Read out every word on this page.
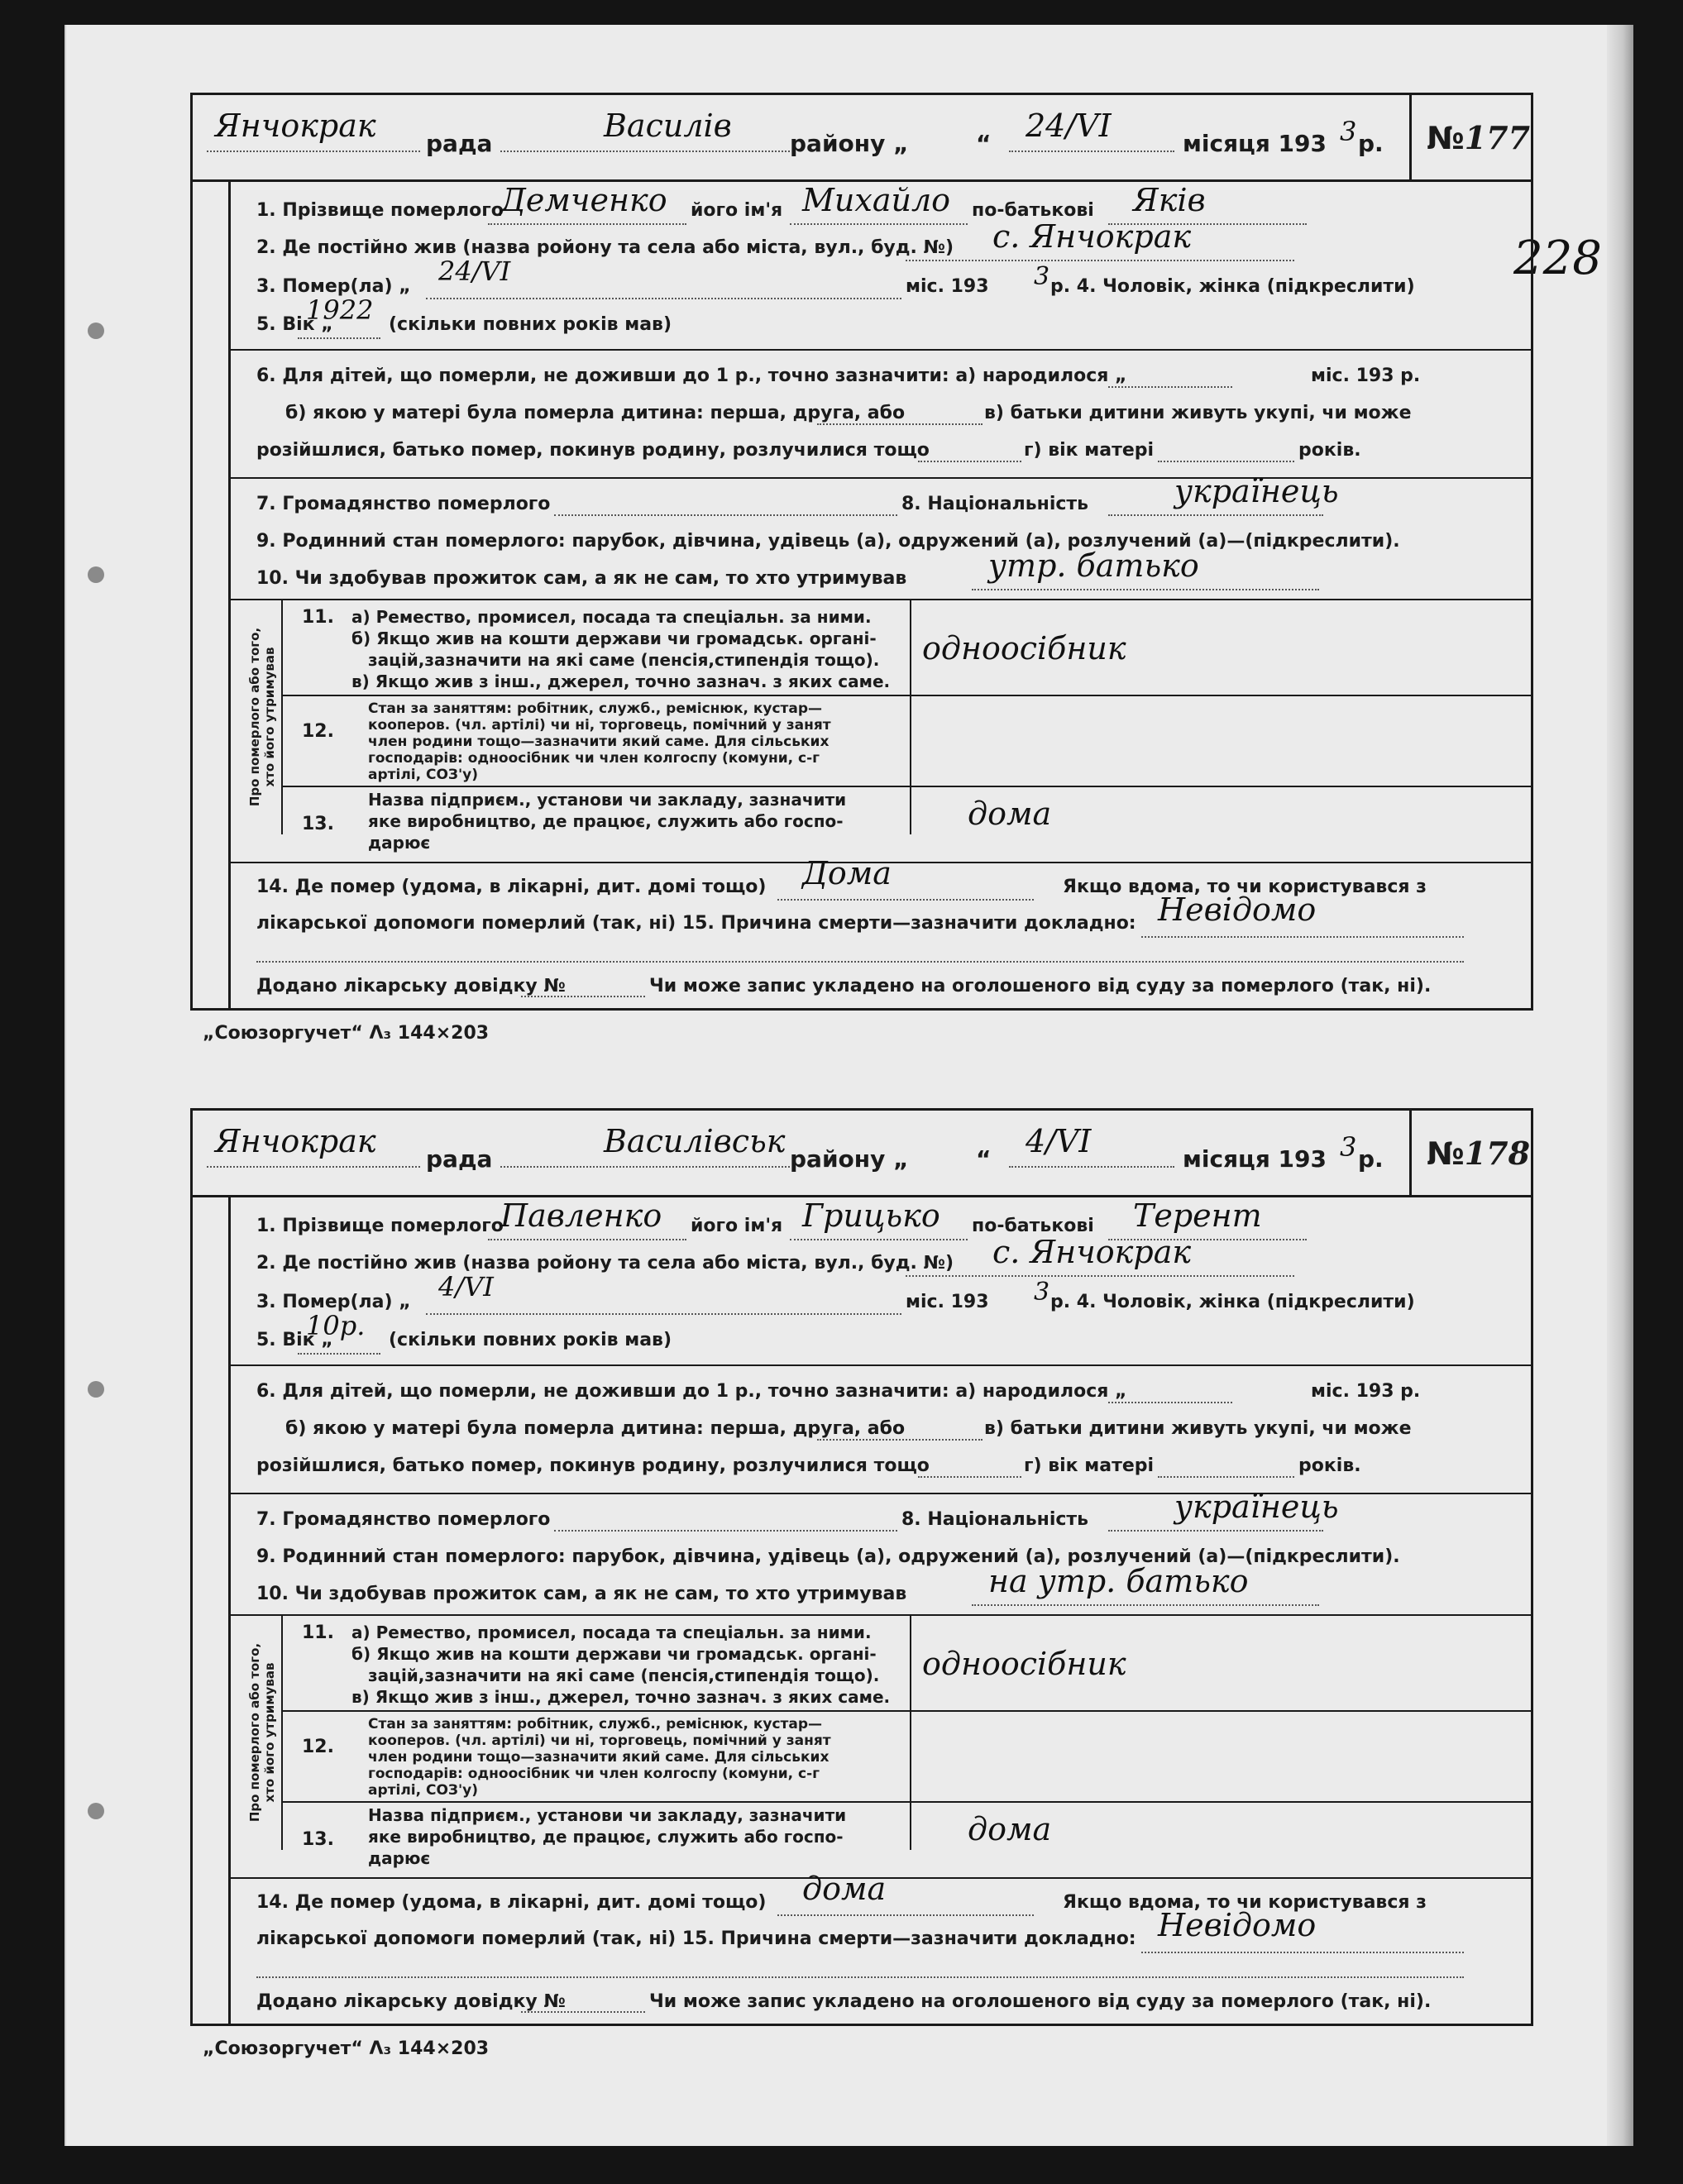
228
Янчокрак рада	Василів	району „	“ 24/VI	місяця 193 3 р.	№177
1. Прізвище померлого
Демченко його ім'я Михайло по-батькові Яків
2. Де постійно жив (назва ройону та села або міста, вул., буд. №) с. Янчокрак
3. Помер(ла) „ 24/VI	міс. 193 3 р. 4. Чоловік, жінка (підкреслити)
5. Вік „
1922 (скільки повних років мав)
6. Для дітей, що померли, не доживши до 1 р., точно зазначити: а) народилося „	міс. 193 р.
б) якою у матері була померла дитина: перша, друга, або	в) батьки дитини живуть укупі, чи може
розійшлися, батько помер, покинув родину, розлучилися тощо	г) вік матері	років.
7. Громадянство померлого	8. Національність	українець
9. Родинний стан померлого: парубок, дівчина, удівець (а), одружений (а), розлучений (а)—(підкреслити).
10. Чи здобував прожиток сам, а як не сам, то хто утримував	утр. батько
Про померлого або того, хто його утримував
11. а) Ремество, промисел, посада та спеціальн. за ними.
б) Якщо жив на кошти держави чи громадськ. органі-
зацій,зазначити на які саме (пенсія,стипендія тощо).
в) Якщо жив з інш., джерел, точно зазнач. з яких саме.
одноосібник
12.
Стан за заняттям: робітник, служб., реміснюк, кустар—
кооперов. (чл. артілі) чи ні, торговець, помічний у занят
член родини тощо—зазначити який саме. Для сільських
господарів: одноосібник чи член колгоспу (комуни, с-г
артілі, СОЗ'у)
13.
Назва підприєм., установи чи закладу, зазначити
яке виробництво, де працює, служить або госпо-
дарює
дома
14. Де помер (удома, в лікарні, дит. домі тощо) Дома	Якщо вдома, то чи користувався з
лікарської допомоги померлий (так, ні) 15. Причина смерти—зазначити докладно: Невідомо
Додано лікарську довідку №	Чи може запис укладено на оголошеного від суду за померлого (так, ні).
„Союзоргучет“ Λ₃ 144×203
Янчокрак рада	Василівськ району „	“ 4/VI	місяця 193 3 р.	№178
1. Прізвище померлого
Павленко його ім'я Грицько по-батькові Терент
2. Де постійно жив (назва ройону та села або міста, вул., буд. №) с. Янчокрак
3. Помер(ла) „ 4/VI	міс. 193 3 р. 4. Чоловік, жінка (підкреслити)
5. Вік „
10р. (скільки повних років мав)
6. Для дітей, що померли, не доживши до 1 р., точно зазначити: а) народилося „	міс. 193 р.
б) якою у матері була померла дитина: перша, друга, або	в) батьки дитини живуть укупі, чи може
розійшлися, батько помер, покинув родину, розлучилися тощо	г) вік матері	років.
7. Громадянство померлого	8. Національність	українець
9. Родинний стан померлого: парубок, дівчина, удівець (а), одружений (а), розлучений (а)—(підкреслити).
10. Чи здобував прожиток сам, а як не сам, то хто утримував	на утр. батько
Про померлого або того, хто його утримував
11. а) Ремество, промисел, посада та спеціальн. за ними.
б) Якщо жив на кошти держави чи громадськ. органі-
зацій,зазначити на які саме (пенсія,стипендія тощо).
в) Якщо жив з інш., джерел, точно зазнач. з яких саме.
одноосібник
12.
Стан за заняттям: робітник, служб., реміснюк, кустар—
кооперов. (чл. артілі) чи ні, торговець, помічний у занят
член родини тощо—зазначити який саме. Для сільських
господарів: одноосібник чи член колгоспу (комуни, с-г
артілі, СОЗ'у)
13.
Назва підприєм., установи чи закладу, зазначити
яке виробництво, де працює, служить або госпо-
дарює
дома
14. Де помер (удома, в лікарні, дит. домі тощо) дома	Якщо вдома, то чи користувався з
лікарської допомоги померлий (так, ні) 15. Причина смерти—зазначити докладно: Невідомо
Додано лікарську довідку №	Чи може запис укладено на оголошеного від суду за померлого (так, ні).
„Союзоргучет“ Λ₃ 144×203
